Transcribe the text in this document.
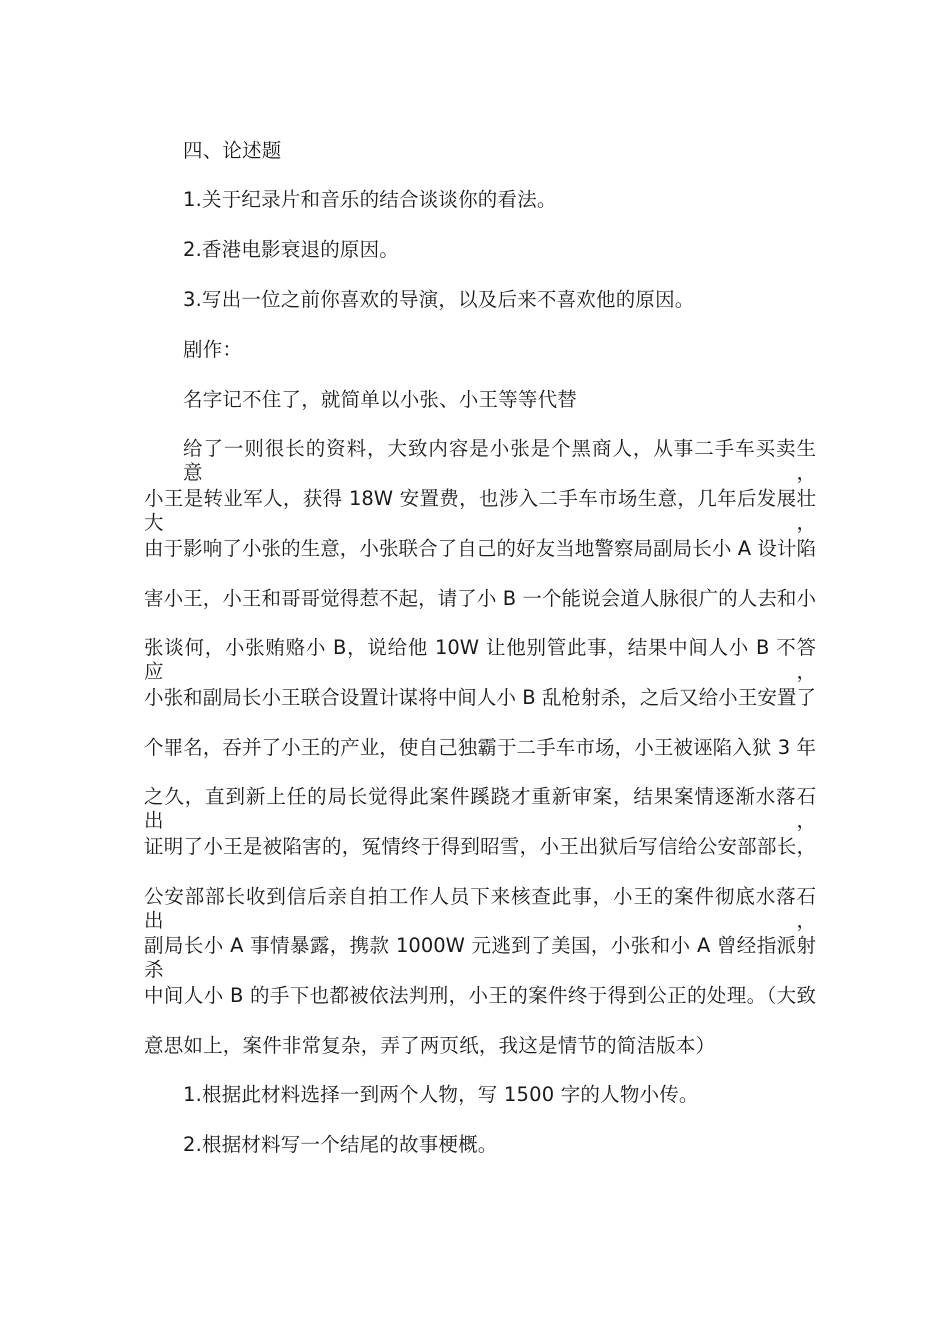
四、论述题
1.关于纪录片和音乐的结合谈谈你的看法。
2.香港电影衰退的原因。
3.写出一位之前你喜欢的导演，以及后来不喜欢他的原因。
剧作：
名字记不住了，就简单以小张、小王等等代替
给了一则很长的资料，大致内容是小张是个黑商人，从事二手车买卖生意，
小王是转业军人，获得 18W 安置费，也涉入二手车市场生意，几年后发展壮大，
由于影响了小张的生意，小张联合了自己的好友当地警察局副局长小 A 设计陷
害小王，小王和哥哥觉得惹不起，请了小 B 一个能说会道人脉很广的人去和小
张谈何，小张贿赂小 B，说给他 10W 让他别管此事，结果中间人小 B 不答应，
小张和副局长小王联合设置计谋将中间人小 B 乱枪射杀，之后又给小王安置了
个罪名，吞并了小王的产业，使自己独霸于二手车市场，小王被诬陷入狱 3 年
之久，直到新上任的局长觉得此案件蹊跷才重新审案，结果案情逐渐水落石出，
证明了小王是被陷害的，冤情终于得到昭雪，小王出狱后写信给公安部部长，
公安部部长收到信后亲自拍工作人员下来核查此事，小王的案件彻底水落石出，
副局长小 A 事情暴露，携款 1000W 元逃到了美国，小张和小 A 曾经指派射杀
中间人小 B 的手下也都被依法判刑，小王的案件终于得到公正的处理。（大致
意思如上，案件非常复杂，弄了两页纸，我这是情节的简洁版本）
1.根据此材料选择一到两个人物，写 1500 字的人物小传。
2.根据材料写一个结尾的故事梗概。
